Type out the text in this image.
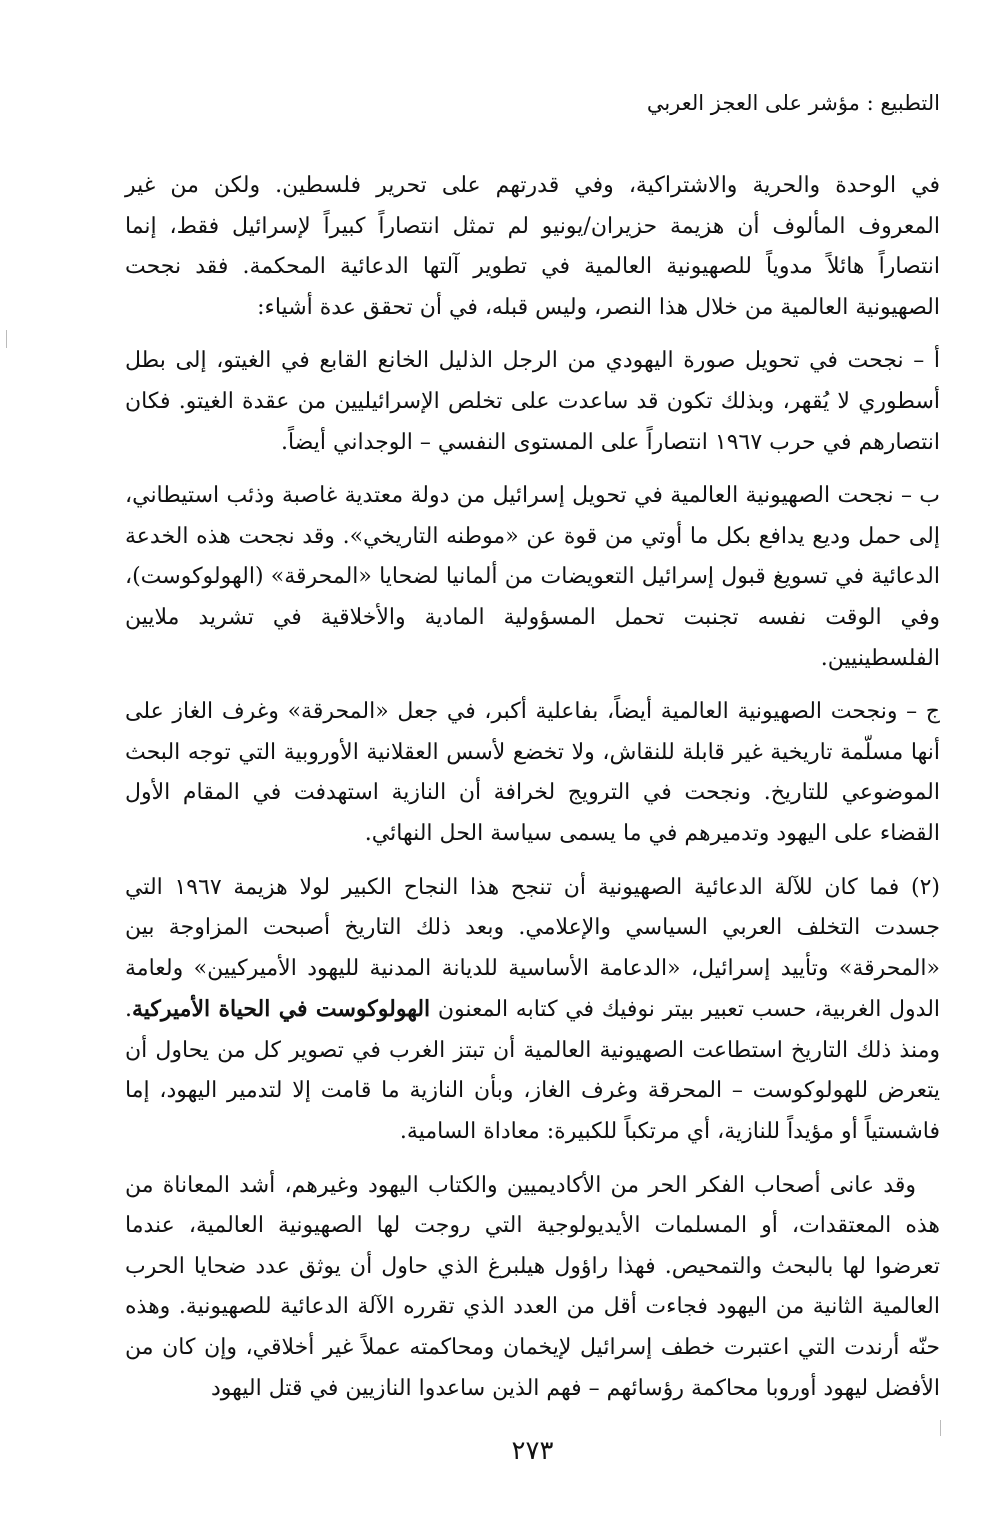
التطبيع : مؤشر على العجز العربي

في الوحدة والحرية والاشتراكية، وفي قدرتهم على تحرير فلسطين. ولكن من غير المعروف المألوف أن هزيمة حزيران/يونيو لم تمثل انتصاراً كبيراً لإسرائيل فقط، إنما انتصاراً هائلاً مدوياً للصهيونية العالمية في تطوير آلتها الدعائية المحكمة. فقد نجحت الصهيونية العالمية من خلال هذا النصر، وليس قبله، في أن تحقق عدة أشياء:

أ – نجحت في تحويل صورة اليهودي من الرجل الذليل الخانع القابع في الغيتو، إلى بطل أسطوري لا يُقهر، وبذلك تكون قد ساعدت على تخلص الإسرائيليين من عقدة الغيتو. فكان انتصارهم في حرب ١٩٦٧ انتصاراً على المستوى النفسي – الوجداني أيضاً.

ب – نجحت الصهيونية العالمية في تحويل إسرائيل من دولة معتدية غاصبة وذئب استيطاني، إلى حمل وديع يدافع بكل ما أوتي من قوة عن «موطنه التاريخي». وقد نجحت هذه الخدعة الدعائية في تسويغ قبول إسرائيل التعويضات من ألمانيا لضحايا «المحرقة» (الهولوكوست)، وفي الوقت نفسه تجنبت تحمل المسؤولية المادية والأخلاقية في تشريد ملايين الفلسطينيين.

ج – ونجحت الصهيونية العالمية أيضاً، بفاعلية أكبر، في جعل «المحرقة» وغرف الغاز على أنها مسلّمة تاريخية غير قابلة للنقاش، ولا تخضع لأسس العقلانية الأوروبية التي توجه البحث الموضوعي للتاريخ. ونجحت في الترويج لخرافة أن النازية استهدفت في المقام الأول القضاء على اليهود وتدميرهم في ما يسمى سياسة الحل النهائي.

(٢) فما كان للآلة الدعائية الصهيونية أن تنجح هذا النجاح الكبير لولا هزيمة ١٩٦٧ التي جسدت التخلف العربي السياسي والإعلامي. وبعد ذلك التاريخ أصبحت المزاوجة بين «المحرقة» وتأييد إسرائيل، «الدعامة الأساسية للديانة المدنية لليهود الأميركيين» ولعامة الدول الغربية، حسب تعبير بيتر نوفيك في كتابه المعنون الهولوكوست في الحياة الأميركية. ومنذ ذلك التاريخ استطاعت الصهيونية العالمية أن تبتز الغرب في تصوير كل من يحاول أن يتعرض للهولوكوست – المحرقة وغرف الغاز، وبأن النازية ما قامت إلا لتدمير اليهود، إما فاشستياً أو مؤيداً للنازية، أي مرتكباً للكبيرة: معاداة السامية.

وقد عانى أصحاب الفكر الحر من الأكاديميين والكتاب اليهود وغيرهم، أشد المعاناة من هذه المعتقدات، أو المسلمات الأيديولوجية التي روجت لها الصهيونية العالمية، عندما تعرضوا لها بالبحث والتمحيص. فهذا راؤول هيلبرغ الذي حاول أن يوثق عدد ضحايا الحرب العالمية الثانية من اليهود فجاءت أقل من العدد الذي تقرره الآلة الدعائية للصهيونية. وهذه حنّه أرندت التي اعتبرت خطف إسرائيل لإيخمان ومحاكمته عملاً غير أخلاقي، وإن كان من الأفضل ليهود أوروبا محاكمة رؤسائهم – فهم الذين ساعدوا النازيين في قتل اليهود

٢٧٣
